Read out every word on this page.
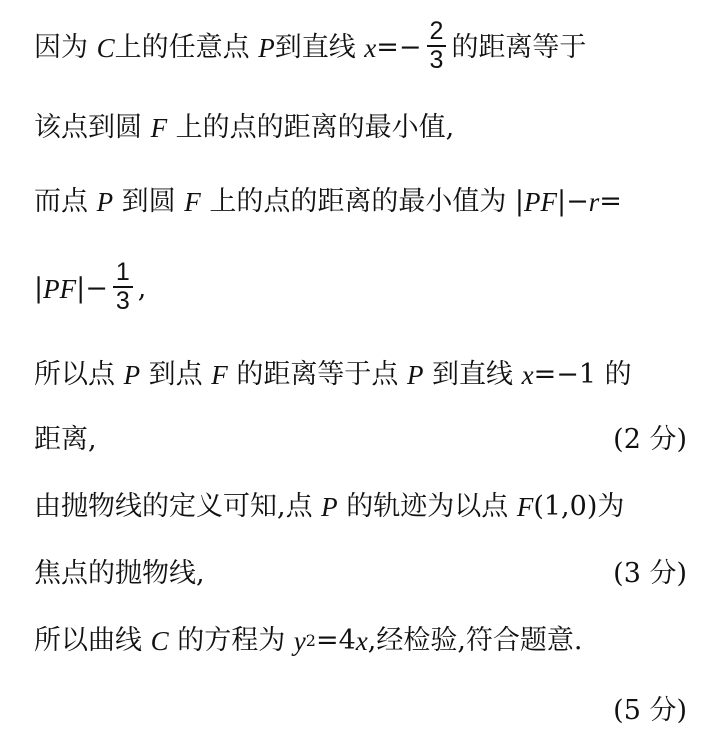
因为 C 上的任意点 P 到直线 $x =- \frac{2}{3}$ 的距离等于
该点到圆 F 上的点的距离的最小值,
而点 P 到圆 F 上的点的距离的最小值为 | PF |− r =
| PF |− $\frac{1}{3}$ ,
所以点 P 到点 F 的距离等于点 P 到直线 x =−1 的
距离,	(2 分)
由抛物线的定义可知,点 P 的轨迹为以点 F (1,0)为
焦点的抛物线,	(3 分)
所以曲线 C 的方程为 y 2 =4 x ,经检验,符合题意.
(5 分)
